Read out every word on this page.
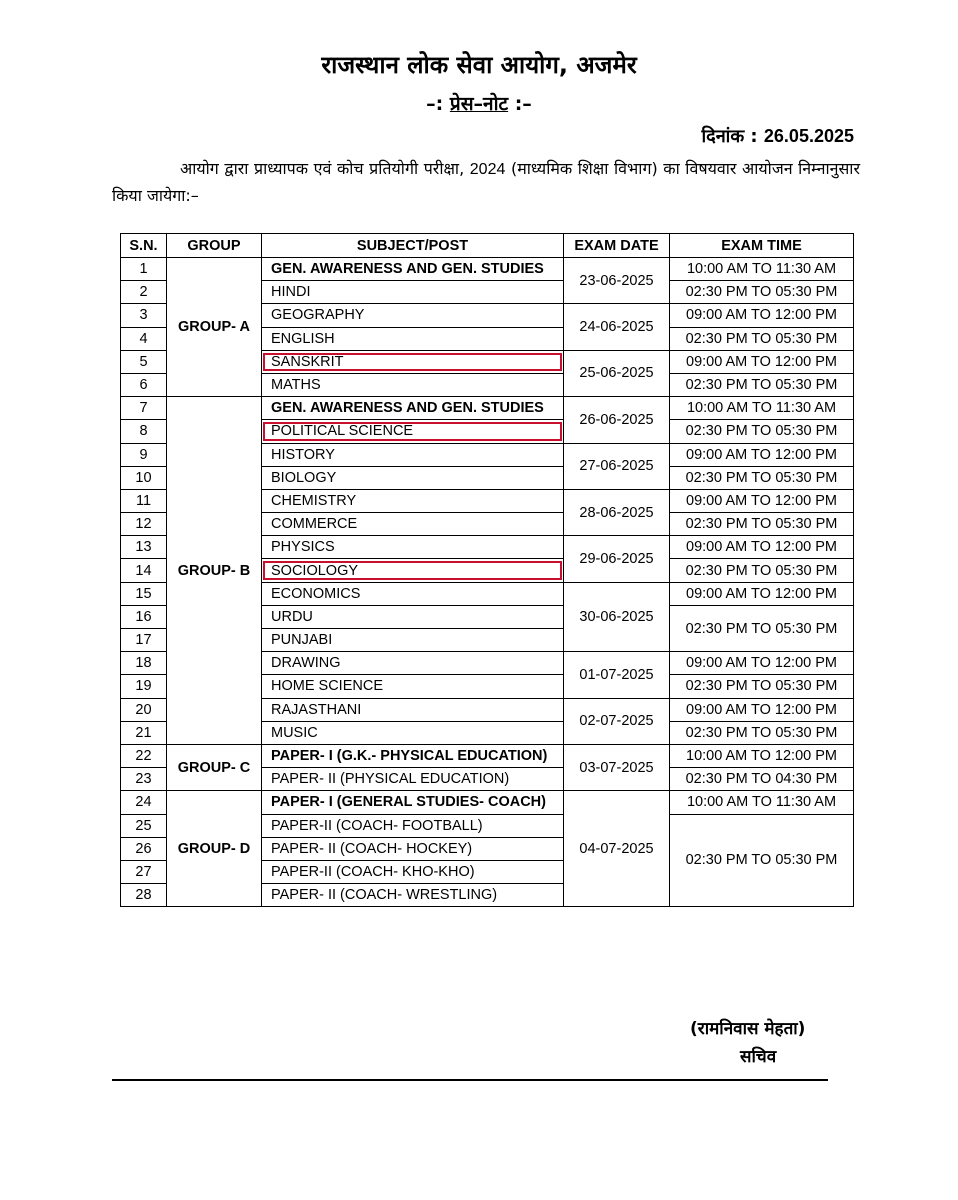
राजस्थान लोक सेवा आयोग, अजमेर
–: प्रेस–नोट :–
दिनांक : 26.05.2025
आयोग द्वारा प्राध्यापक एवं कोच प्रतियोगी परीक्षा, 2024 (माध्यमिक शिक्षा विभाग) का विषयवार आयोजन निम्नानुसार किया जायेगा:–
S.N.	GROUP	SUBJECT/POST	EXAM DATE	EXAM TIME
1	GROUP- A	GEN. AWARENESS AND GEN. STUDIES	23-06-2025	10:00 AM TO 11:30 AM
2		HINDI		02:30 PM TO 05:30 PM
3		GEOGRAPHY	24-06-2025	09:00 AM TO 12:00 PM
4		ENGLISH		02:30 PM TO 05:30 PM
5		SANSKRIT	25-06-2025	09:00 AM TO 12:00 PM
6		MATHS		02:30 PM TO 05:30 PM
7	GROUP- B	GEN. AWARENESS AND GEN. STUDIES	26-06-2025	10:00 AM TO 11:30 AM
8		POLITICAL SCIENCE		02:30 PM TO 05:30 PM
9		HISTORY	27-06-2025	09:00 AM TO 12:00 PM
10		BIOLOGY		02:30 PM TO 05:30 PM
11		CHEMISTRY	28-06-2025	09:00 AM TO 12:00 PM
12		COMMERCE		02:30 PM TO 05:30 PM
13		PHYSICS	29-06-2025	09:00 AM TO 12:00 PM
14		SOCIOLOGY		02:30 PM TO 05:30 PM
15		ECONOMICS	30-06-2025	09:00 AM TO 12:00 PM
16		URDU		02:30 PM TO 05:30 PM
17		PUNJABI		
18		DRAWING	01-07-2025	09:00 AM TO 12:00 PM
19		HOME SCIENCE		02:30 PM TO 05:30 PM
20		RAJASTHANI	02-07-2025	09:00 AM TO 12:00 PM
21		MUSIC		02:30 PM TO 05:30 PM
22	GROUP- C	PAPER- I (G.K.- PHYSICAL EDUCATION)	03-07-2025	10:00 AM TO 12:00 PM
23		PAPER- II (PHYSICAL EDUCATION)		02:30 PM TO 04:30 PM
24	GROUP- D	PAPER- I (GENERAL STUDIES- COACH)	04-07-2025	10:00 AM TO 11:30 AM
25		PAPER-II (COACH- FOOTBALL)		02:30 PM TO 05:30 PM
26		PAPER- II (COACH- HOCKEY)		
27		PAPER-II (COACH- KHO-KHO)		
28		PAPER- II (COACH- WRESTLING)		
(रामनिवास मेहता)
सचिव
